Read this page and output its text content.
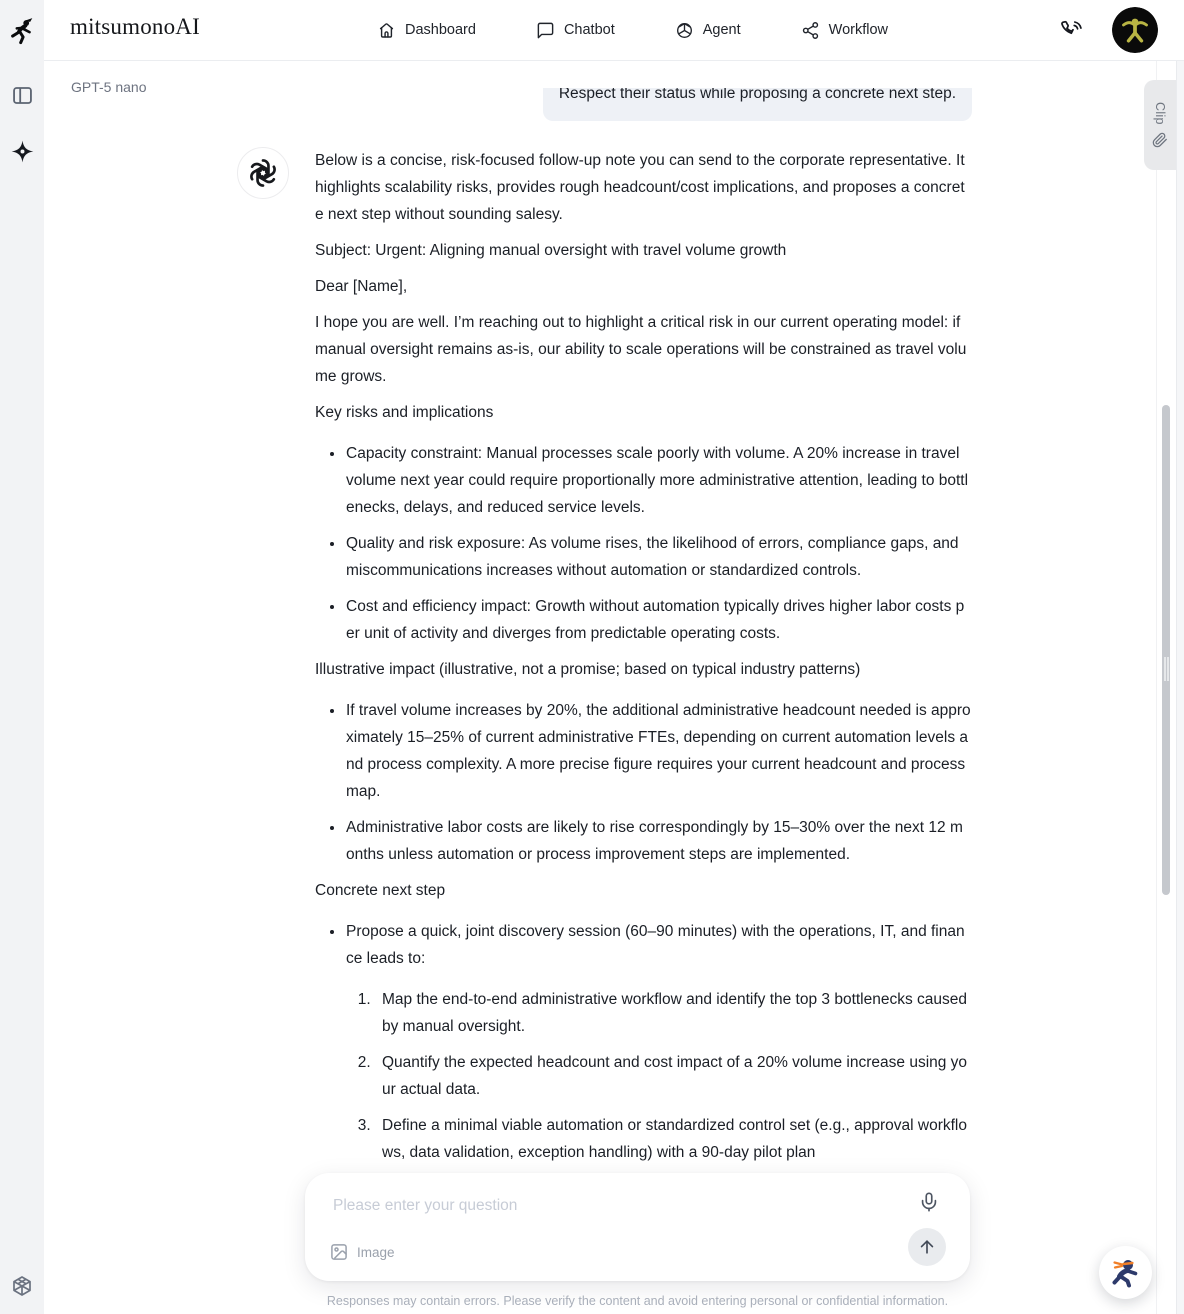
mitsumonoAI	Dashboard	Chatbot	Agent	Workflow
GPT-5 nano	Respect their status while proposing a concrete next step.

Below is a concise, risk-focused follow-up note you can send to the corporate representative. It highlights scalability risks, provides rough headcount/cost implications, and proposes a concrete next step without sounding salesy.

Subject: Urgent: Aligning manual oversight with travel volume growth

Dear [Name],

I hope you are well. I’m reaching out to highlight a critical risk in our current operating model: if manual oversight remains as-is, our ability to scale operations will be constrained as travel volume grows.

Key risks and implications

• Capacity constraint: Manual processes scale poorly with volume. A 20% increase in travel volume next year could require proportionally more administrative attention, leading to bottlenecks, delays, and reduced service levels.
• Quality and risk exposure: As volume rises, the likelihood of errors, compliance gaps, and miscommunications increases without automation or standardized controls.
• Cost and efficiency impact: Growth without automation typically drives higher labor costs per unit of activity and diverges from predictable operating costs.

Illustrative impact (illustrative, not a promise; based on typical industry patterns)

• If travel volume increases by 20%, the additional administrative headcount needed is approximately 15–25% of current administrative FTEs, depending on current automation levels and process complexity. A more precise figure requires your current headcount and process map.
• Administrative labor costs are likely to rise correspondingly by 15–30% over the next 12 months unless automation or process improvement steps are implemented.

Concrete next step

• Propose a quick, joint discovery session (60–90 minutes) with the operations, IT, and finance leads to:
1. Map the end-to-end administrative workflow and identify the top 3 bottlenecks caused by manual oversight.
2. Quantify the expected headcount and cost impact of a 20% volume increase using your actual data.
3. Define a minimal viable automation or standardized control set (e.g., approval workflows, data validation, exception handling) with a 90-day pilot plan
Clip
Please enter your question
Image
Responses may contain errors. Please verify the content and avoid entering personal or confidential information.
